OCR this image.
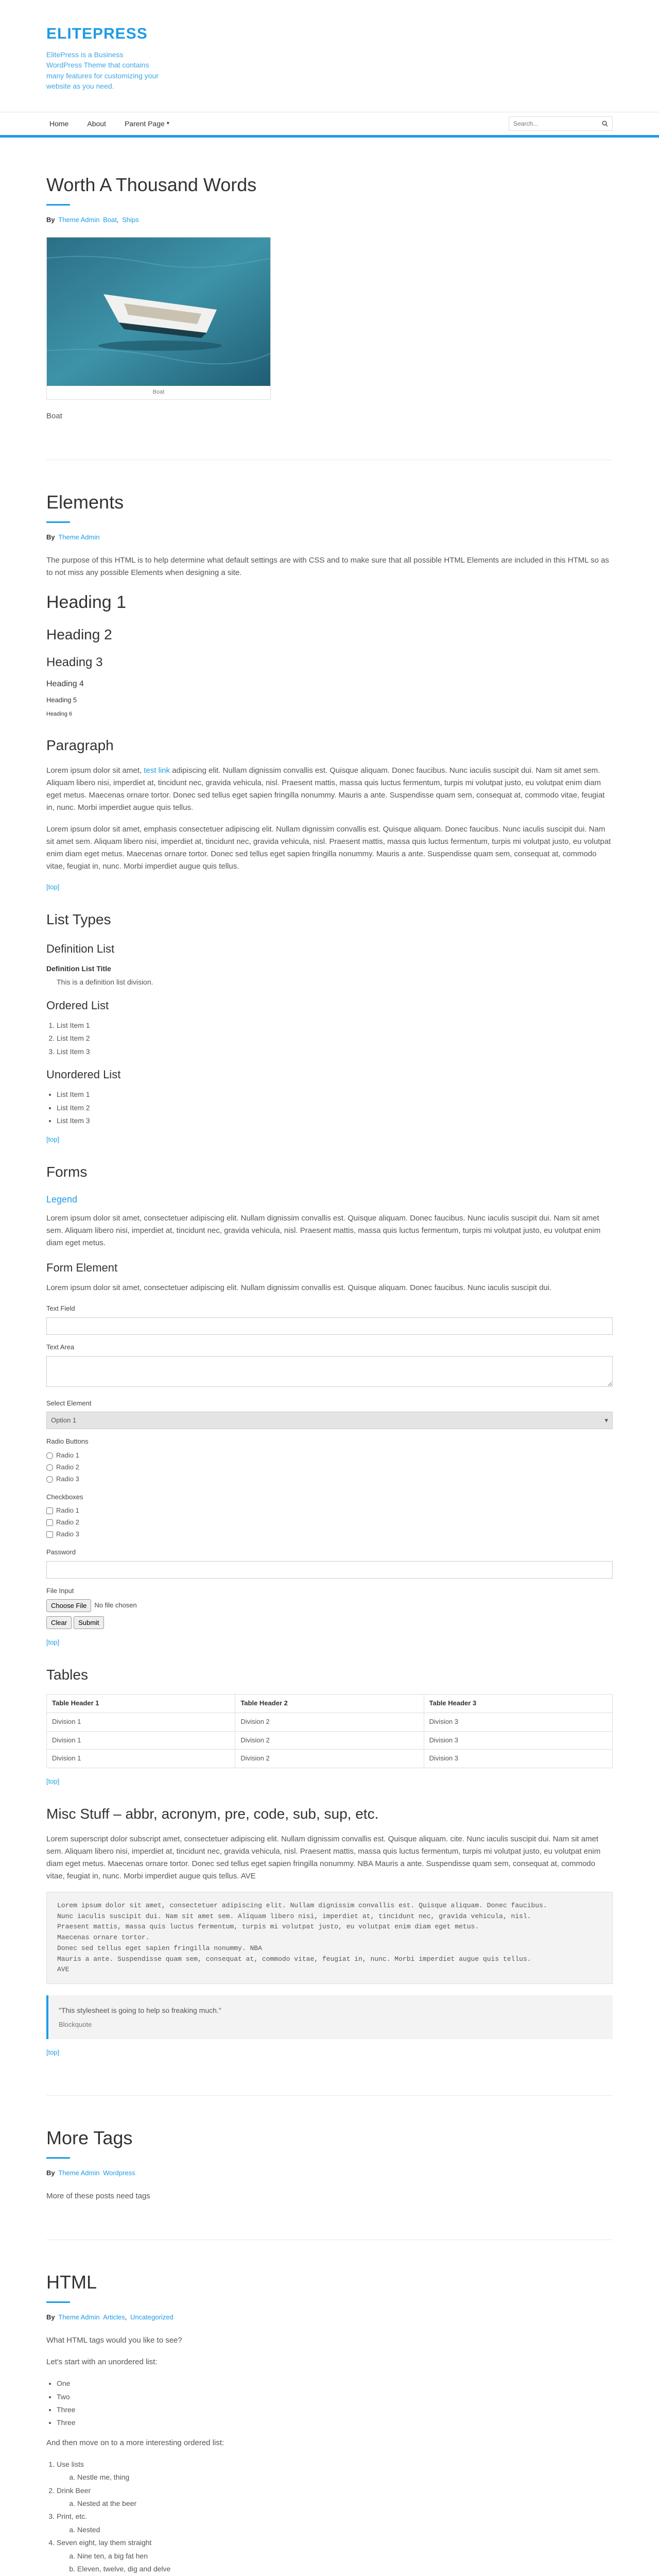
ELITEPRESS

ElitePress is a Business WordPress Theme that contains many features for customizing your website as you need.

Home	About	Parent Page ▾
Search...
Worth A Thousand Words
By Theme Admin Boat, Ships
Boat

Boat

Elements
By Theme Admin

The purpose of this HTML is to help determine what default settings are with CSS and to make sure that all possible HTML Elements are included in this HTML so as to not miss any possible Elements when designing a site.

Heading 1
Heading 2
Heading 3
Heading 4
Heading 5
Heading 6
Paragraph

Lorem ipsum dolor sit amet, test link adipiscing elit. Nullam dignissim convallis est. Quisque aliquam. Donec faucibus. Nunc iaculis suscipit dui. Nam sit amet sem. Aliquam libero nisi, imperdiet at, tincidunt nec, gravida vehicula, nisl. Praesent mattis, massa quis luctus fermentum, turpis mi volutpat justo, eu volutpat enim diam eget metus. Maecenas ornare tortor. Donec sed tellus eget sapien fringilla nonummy. Mauris a ante. Suspendisse quam sem, consequat at, commodo vitae, feugiat in, nunc. Morbi imperdiet augue quis tellus.

Lorem ipsum dolor sit amet, emphasis consectetuer adipiscing elit. Nullam dignissim convallis est. Quisque aliquam. Donec faucibus. Nunc iaculis suscipit dui. Nam sit amet sem. Aliquam libero nisi, imperdiet at, tincidunt nec, gravida vehicula, nisl. Praesent mattis, massa quis luctus fermentum, turpis mi volutpat justo, eu volutpat enim diam eget metus. Maecenas ornare tortor. Donec sed tellus eget sapien fringilla nonummy. Mauris a ante. Suspendisse quam sem, consequat at, commodo vitae, feugiat in, nunc. Morbi imperdiet augue quis tellus.

[top]
List Types
Definition List
Definition List Title
This is a definition list division.
Ordered List
1. List Item 1
2. List Item 2
3. List Item 3
Unordered List
• List Item 1
• List Item 2
• List Item 3
[top]
Forms
Legend

Lorem ipsum dolor sit amet, consectetuer adipiscing elit. Nullam dignissim convallis est. Quisque aliquam. Donec faucibus. Nunc iaculis suscipit dui. Nam sit amet sem. Aliquam libero nisi, imperdiet at, tincidunt nec, gravida vehicula, nisl. Praesent mattis, massa quis luctus fermentum, turpis mi volutpat justo, eu volutpat enim diam eget metus.

Form Element

Lorem ipsum dolor sit amet, consectetuer adipiscing elit. Nullam dignissim convallis est. Quisque aliquam. Donec faucibus. Nunc iaculis suscipit dui.

Text Field
Text Area
Select Element
Option 1	▾
Radio Buttons
Radio 1
Radio 2
Radio 3
Checkboxes
Radio 1
Radio 2
Radio 3
Password
File Input
Choose File	No file chosen
Clear	Submit
[top]
Tables
Table Header 1	Table Header 2	Table Header 3
Division 1	Division 2	Division 3
Division 1	Division 2	Division 3
Division 1	Division 2	Division 3
[top]
Misc Stuff – abbr, acronym, pre, code, sub, sup, etc.

Lorem superscript dolor subscript amet, consectetuer adipiscing elit. Nullam dignissim convallis est. Quisque aliquam. cite. Nunc iaculis suscipit dui. Nam sit amet sem. Aliquam libero nisi, imperdiet at, tincidunt nec, gravida vehicula, nisl. Praesent mattis, massa quis luctus fermentum, turpis mi volutpat justo, eu volutpat enim diam eget metus. Maecenas ornare tortor. Donec sed tellus eget sapien fringilla nonummy. NBA Mauris a ante. Suspendisse quam sem, consequat at, commodo vitae, feugiat in, nunc. Morbi imperdiet augue quis tellus. AVE

Lorem ipsum dolor sit amet, consectetuer adipiscing elit. Nullam dignissim convallis est. Quisque aliquam. Donec faucibus.
Nunc iaculis suscipit dui. Nam sit amet sem. Aliquam libero nisi, imperdiet at, tincidunt nec, gravida vehicula, nisl.
Praesent mattis, massa quis luctus fermentum, turpis mi volutpat justo, eu volutpat enim diam eget metus.
Maecenas ornare tortor.
Donec sed tellus eget sapien fringilla nonummy. NBA
Mauris a ante. Suspendisse quam sem, consequat at, commodo vitae, feugiat in, nunc. Morbi imperdiet augue quis tellus.
AVE
"This stylesheet is going to help so freaking much."
Blockquote
[top]
More Tags
By Theme Admin Wordpress

More of these posts need tags

HTML
By Theme Admin Articles, Uncategorized

What HTML tags would you like to see?

Let's start with an unordered list:

• One
• Two
• Three
• Three

And then move on to a more interesting ordered list:

1. Use lists
a. Nestle me, thing
2. Drink Beer
a. Nested at the beer
3. Print, etc.
a. Nested
4. Seven eight, lay them straight
a. Nine ten, a big fat hen
b. Eleven, twelve, dig and delve
